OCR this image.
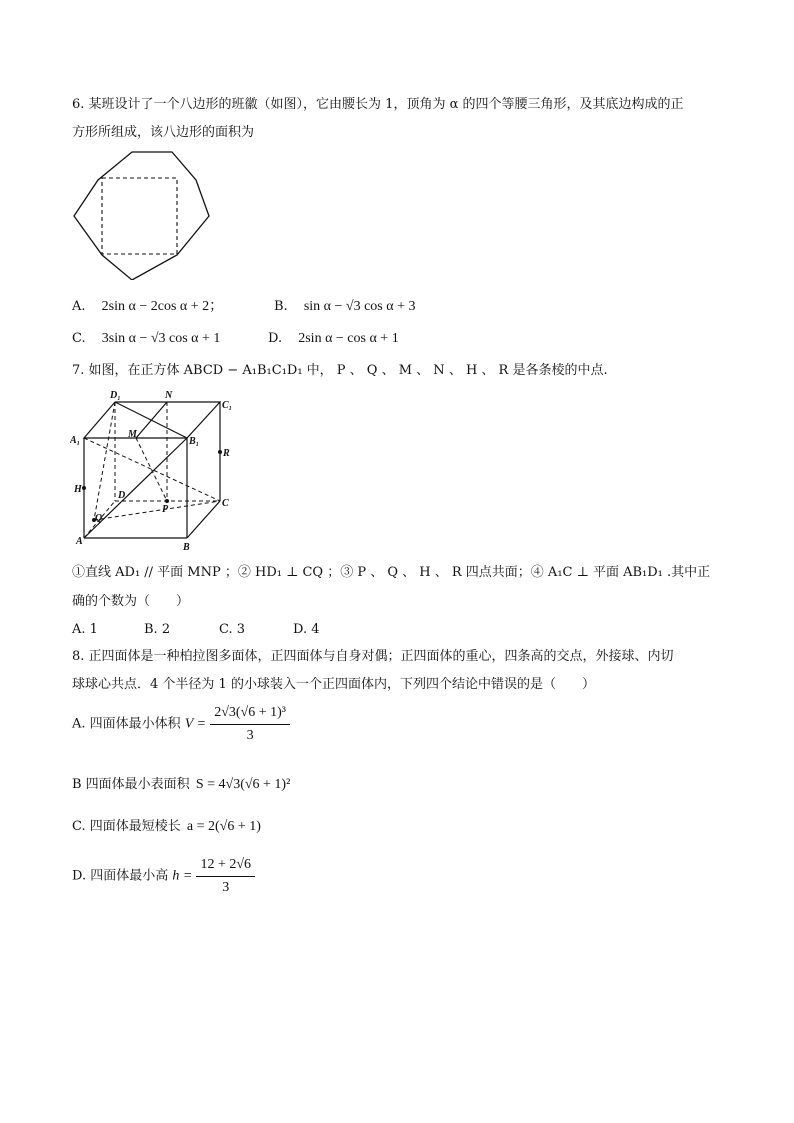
6. 某班设计了一个八边形的班徽（如图），它由腰长为 1，顶角为 α 的四个等腰三角形，及其底边构成的正
方形所组成，该八边形的面积为
A. 2sin α − 2cos α + 2；	B. sin α − √3 cos α + 3
C. 3sin α − √3 cos α + 1	D. 2sin α − cos α + 1
7. 如图，在正方体 ABCD − A₁B₁C₁D₁ 中， P 、 Q 、 M 、 N 、 H 、 R 是各条棱的中点.
D₁	N
C₁
A₁
M
B₁
R
H
D
C
P
Q
A
B
①直线 AD₁ // 平面 MNP ；② HD₁ ⊥ CQ ；③ P 、 Q 、 H 、 R 四点共面；④ A₁C ⊥ 平面 AB₁D₁ .其中正
确的个数为（　　）
A. 1	B. 2	C. 3	D. 4
8. 正四面体是一种柏拉图多面体，正四面体与自身对偶；正四面体的重心，四条高的交点，外接球、内切
球球心共点．4 个半径为 1 的小球装入一个正四面体内，下列四个结论中错误的是（　　）
A. 四面体最小体积 $V = \frac{\text{2√3(√6 + 1)³}}{3}$
B 四面体最小表面积 S = 4√3(√6 + 1)²
C. 四面体最短棱长 a = 2(√6 + 1)
D. 四面体最小高 $h = \frac{12 + 2√6}{3}$
